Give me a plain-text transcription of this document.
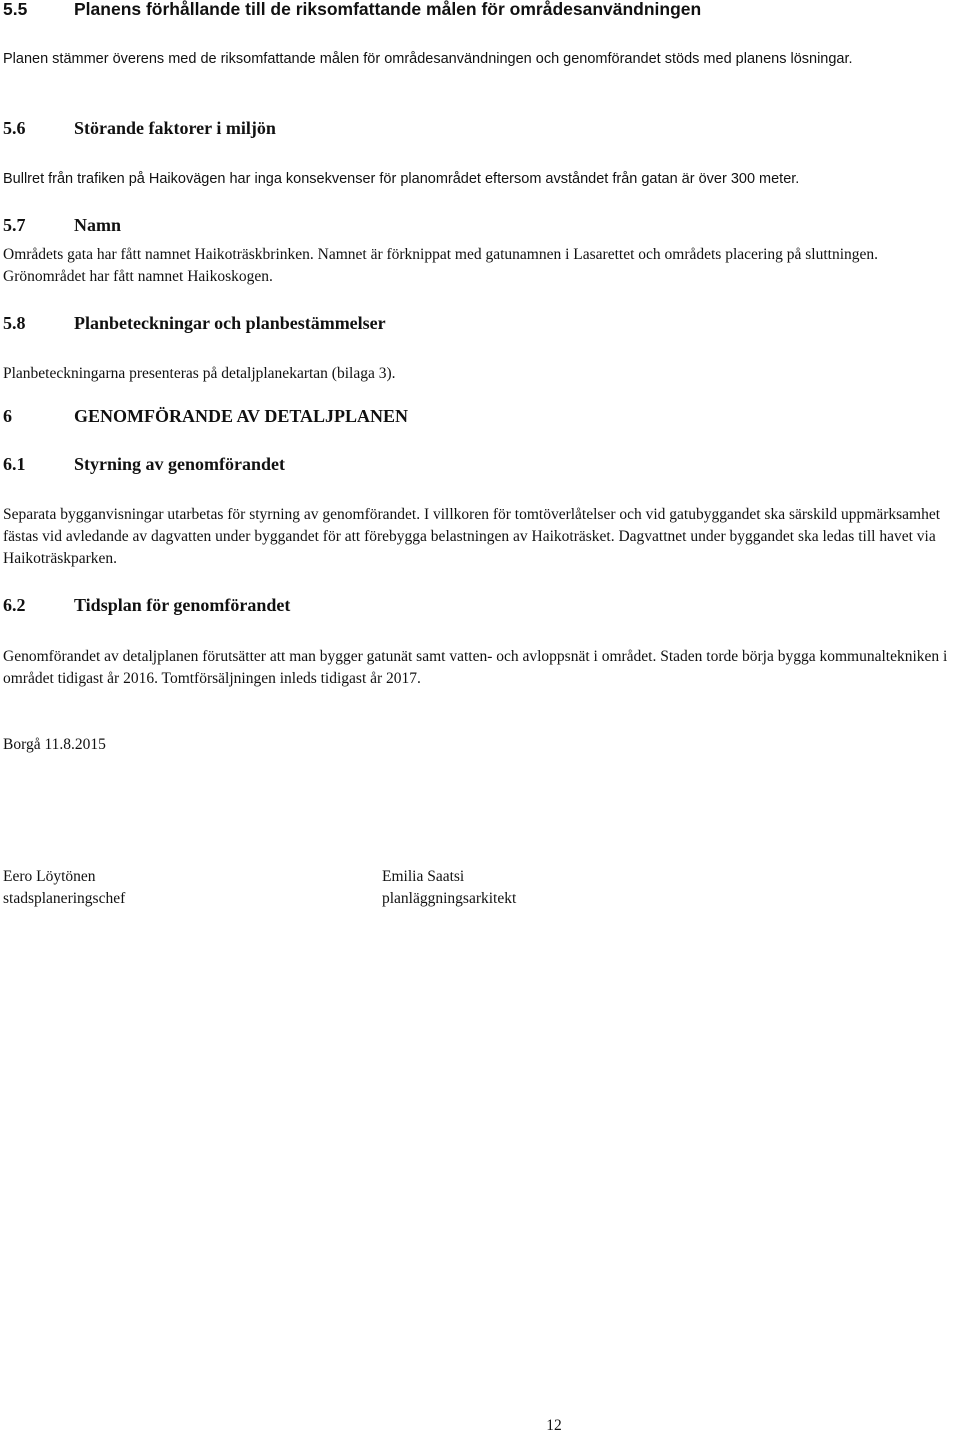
5.5	Planens förhållande till de riksomfattande målen för områdesanvändningen

Planen stämmer överens med de riksomfattande målen för områdesanvändningen och genomförandet stöds med planens lösningar.

5.6	Störande faktorer i miljön

Bullret från trafiken på Haikovägen har inga konsekvenser för planområdet eftersom avståndet från gatan är över 300 meter.

5.7	Namn

Områdets gata har fått namnet Haikoträskbrinken. Namnet är förknippat med gatunamnen i Lasarettet och områdets placering på sluttningen. Grönområdet har fått namnet Haikoskogen.

5.8	Planbeteckningar och planbestämmelser

Planbeteckningarna presenteras på detaljplanekartan (bilaga 3).

6	GENOMFÖRANDE AV DETALJPLANEN
6.1	Styrning av genomförandet

Separata bygganvisningar utarbetas för styrning av genomförandet. I villkoren för tomtöverlåtelser och vid gatubyggandet ska särskild uppmärksamhet fästas vid avledande av dagvatten under byggandet för att förebygga belastningen av Haikoträsket. Dagvattnet under byggandet ska ledas till havet via Haikoträskparken.

6.2	Tidsplan för genomförandet

Genomförandet av detaljplanen förutsätter att man bygger gatunät samt vatten- och avloppsnät i området. Staden torde börja bygga kommunaltekniken i området tidigast år 2016. Tomtförsäljningen inleds tidigast år 2017.

Borgå 11.8.2015

Eero Löytönen
stadsplaneringschef
Emilia Saatsi
planläggningsarkitekt

12
